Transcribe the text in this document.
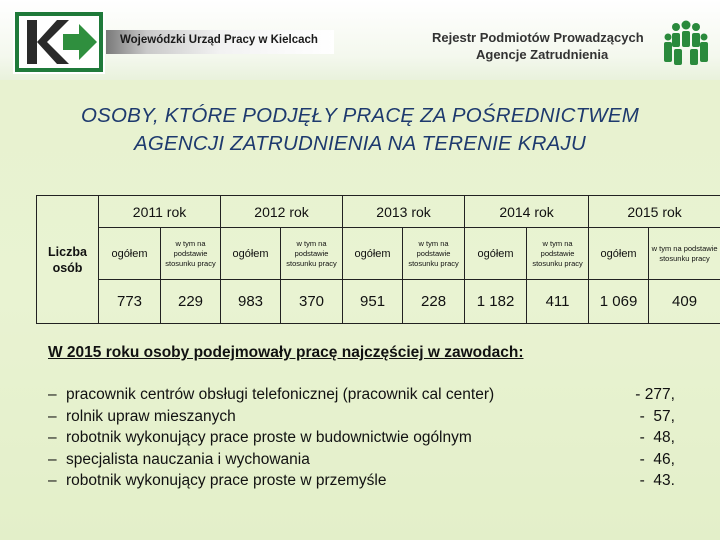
Wojewódzki Urząd Pracy w Kielcach	Rejestr Podmiotów Prowadzących
Agencje Zatrudnienia
OSOBY, KTÓRE PODJĘŁY PRACĘ ZA POŚREDNICTWEM
AGENCJI ZATRUDNIENIA NA TERENIE KRAJU
Liczba
osób	2011 rok		2012 rok		2013 rok		2014 rok		2015 rok	
	ogółem	w tym na podstawie stosunku pracy	ogółem	w tym na podstawie stosunku pracy	ogółem	w tym na podstawie stosunku pracy	ogółem	w tym na podstawie stosunku pracy	ogółem	w tym na podstawie stosunku pracy
	773	229	983	370	951	228	1 182	411	1 069	409
W 2015 roku osoby podejmowały pracę najczęściej w zawodach:
– pracownik centrów obsługi telefonicznej (pracownik cal center)	- 277,
– rolnik upraw mieszanych	-  57,
– robotnik wykonujący prace proste w budownictwie ogólnym	-  48,
– specjalista nauczania i wychowania	-  46,
– robotnik wykonujący prace proste w przemyśle	-  43.
